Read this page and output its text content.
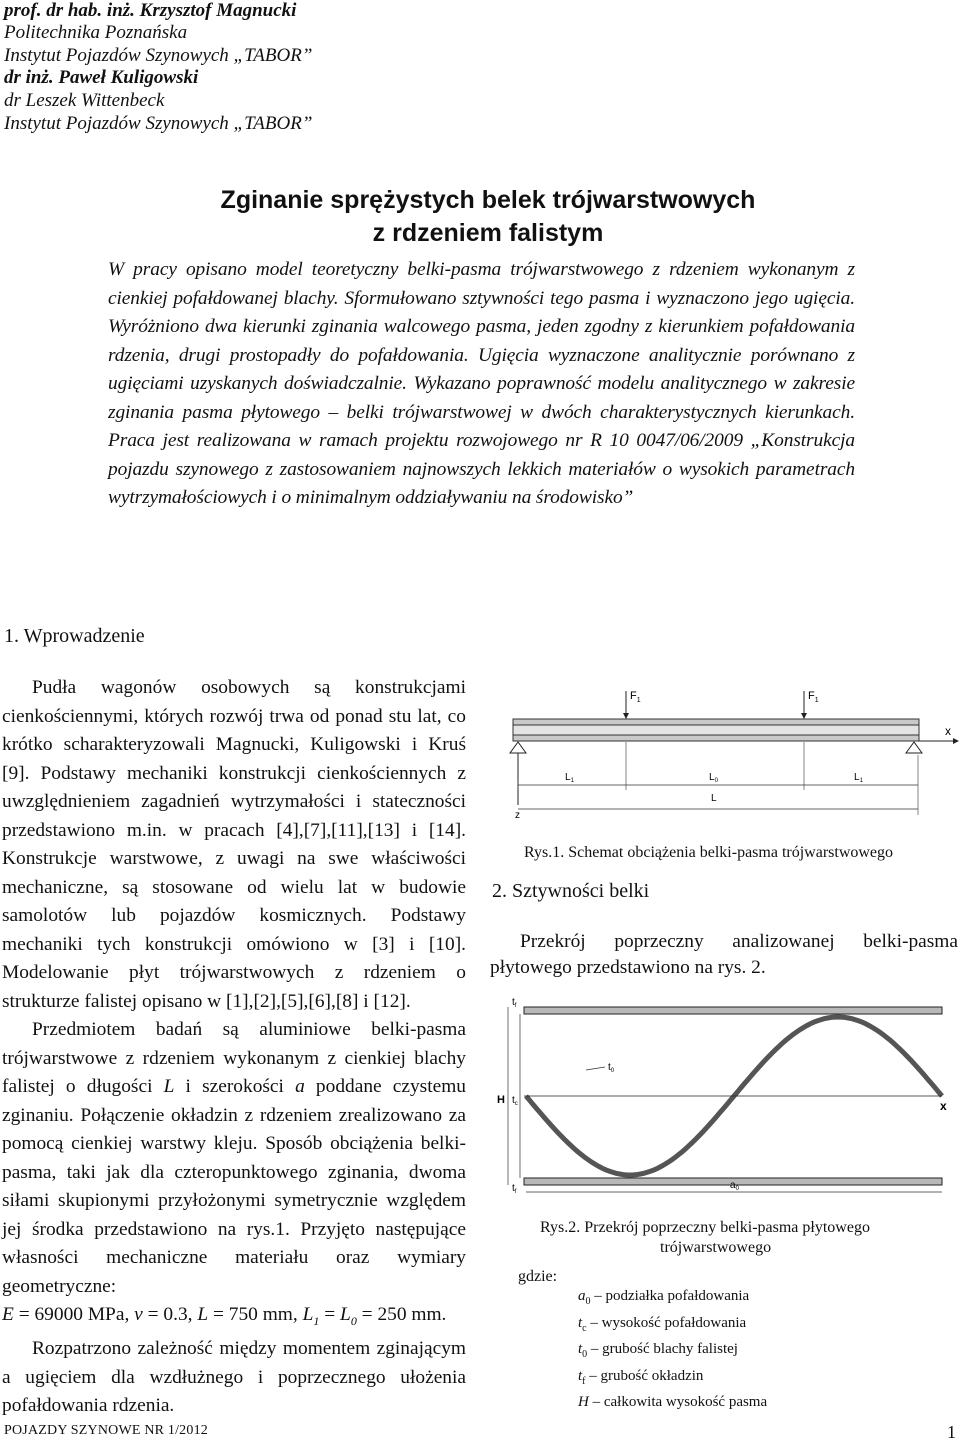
prof. dr hab. inż. Krzysztof Magnucki
Politechnika Poznańska
Instytut Pojazdów Szynowych „TABOR”
dr inż. Paweł Kuligowski
dr Leszek Wittenbeck
Instytut Pojazdów Szynowych „TABOR”
Zginanie sprężystych belek trójwarstwowych
z rdzeniem falistym
W pracy opisano model teoretyczny belki-pasma trójwarstwowego z rdzeniem wykonanym z cienkiej pofałdowanej blachy. Sformułowano sztywności tego pasma i wyznaczono jego ugięcia. Wyróżniono dwa kierunki zginania walcowego pasma, jeden zgodny z kierunkiem pofałdowania rdzenia, drugi prostopadły do pofałdowania. Ugięcia wyznaczone analitycznie porównano z ugięciami uzyskanych doświadczalnie. Wykazano poprawność modelu analitycznego w zakresie zginania pasma płytowego – belki trójwarstwowej w dwóch charakterystycznych kierunkach. Praca jest realizowana w ramach projektu rozwojowego nr R 10 0047/06/2009 „Konstrukcja pojazdu szynowego z zastosowaniem najnowszych lekkich materiałów o wysokich parametrach wytrzymałościowych i o minimalnym oddziaływaniu na środowisko”
1. Wprowadzenie

Pudła wagonów osobowych są konstrukcjami cienkościennymi, których rozwój trwa od ponad stu lat, co krótko scharakteryzowali Magnucki, Kuligowski i Kruś [9]. Podstawy mechaniki konstrukcji cienkościennych z uwzględnieniem zagadnień wytrzymałości i stateczności przedstawiono m.in. w pracach [4],[7],[11],[13] i [14]. Konstrukcje warstwowe, z uwagi na swe właściwości mechaniczne, są stosowane od wielu lat w budowie samolotów lub pojazdów kosmicznych. Podstawy mechaniki tych konstrukcji omówiono w [3] i [10]. Modelowanie płyt trójwarstwowych z rdzeniem o strukturze falistej opisano w [1],[2],[5],[6],[8] i [12].

Przedmiotem badań są aluminiowe belki-pasma trójwarstwowe z rdzeniem wykonanym z cienkiej blachy falistej o długości L i szerokości a poddane czystemu zginaniu. Połączenie okładzin z rdzeniem zrealizowano za pomocą cienkiej warstwy kleju. Sposób obciążenia belki-pasma, taki jak dla czteropunktowego zginania, dwoma siłami skupionymi przyłożonymi symetrycznie względem jej środka przedstawiono na rys.1. Przyjęto następujące własności mechaniczne materiału oraz wymiary geometryczne:

E = 69000 MPa, ν = 0.3, L = 750 mm, $L_1 = L_0 = 250$ mm.

Rozpatrzono zależność między momentem zginającym a ugięciem dla wzdłużnego i poprzecznego ułożenia pofałdowania rdzenia.

x
z
$F_1$	$F_1$
$L_1$	$L_0$	$L_1$
L
Rys.1. Schemat obciążenia belki-pasma trójwarstwowego
2. Sztywności belki

Przekrój poprzeczny analizowanej belki-pasma płytowego przedstawiono na rys. 2.

x
H $t_c$
$t_f$
$t_f$
$t_0$
$a_0$
Rys.2. Przekrój poprzeczny belki-pasma płytowego
trójwarstwowego
gdzie:
$a_0$ – podziałka pofałdowania
$t_c$ – wysokość pofałdowania
$t_0$ – grubość blachy falistej
$t_f$ – grubość okładzin
H – całkowita wysokość pasma
POJAZDY SZYNOWE NR 1/2012	1
